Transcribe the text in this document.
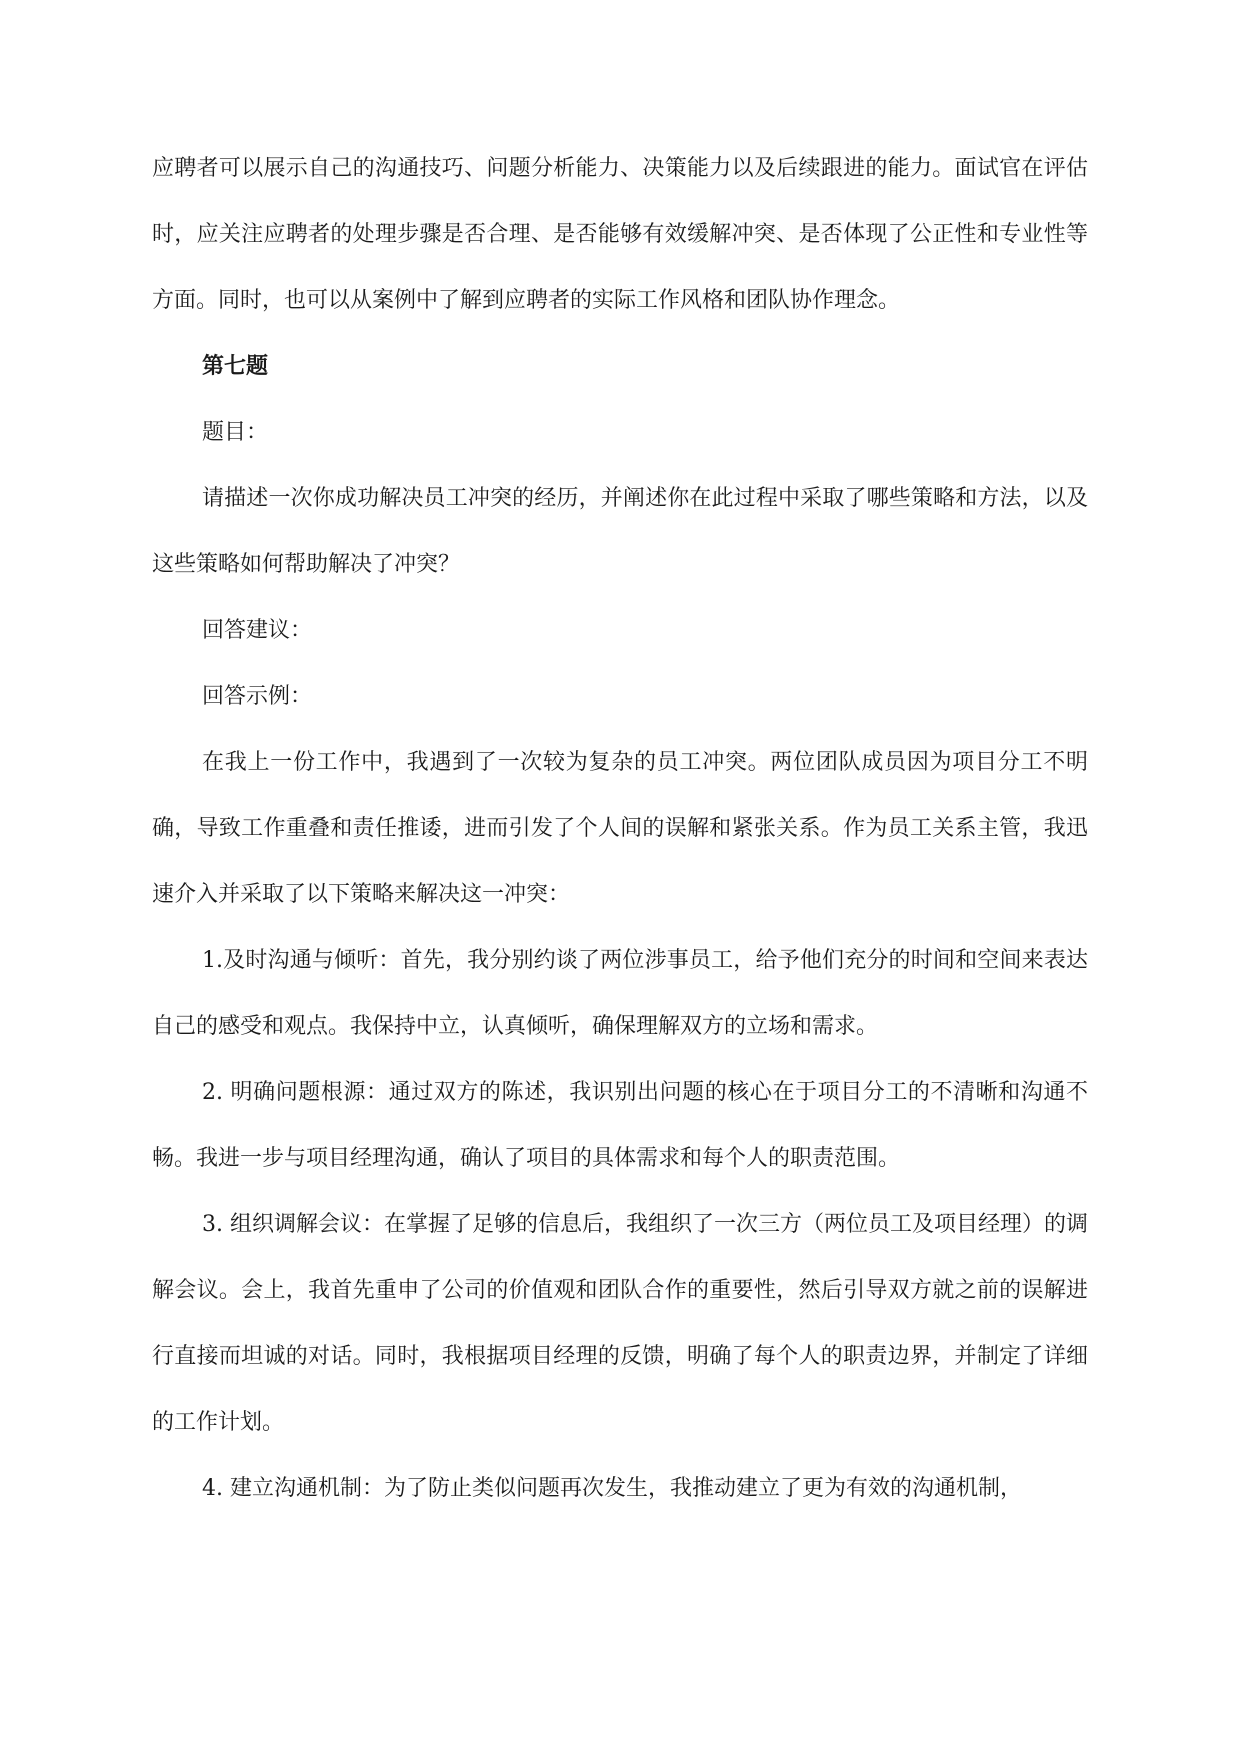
应聘者可以展示自己的沟通技巧、问题分析能力、决策能力以及后续跟进的能力。面试官在评估时，应关注应聘者的处理步骤是否合理、是否能够有效缓解冲突、是否体现了公正性和专业性等方面。同时，也可以从案例中了解到应聘者的实际工作风格和团队协作理念。

第七题

题目：

请描述一次你成功解决员工冲突的经历，并阐述你在此过程中采取了哪些策略和方法，以及这些策略如何帮助解决了冲突？

回答建议：

回答示例：

在我上一份工作中，我遇到了一次较为复杂的员工冲突。两位团队成员因为项目分工不明确，导致工作重叠和责任推诿，进而引发了个人间的误解和紧张关系。作为员工关系主管，我迅速介入并采取了以下策略来解决这一冲突：

1.及时沟通与倾听：首先，我分别约谈了两位涉事员工，给予他们充分的时间和空间来表达自己的感受和观点。我保持中立，认真倾听，确保理解双方的立场和需求。

2. 明确问题根源：通过双方的陈述，我识别出问题的核心在于项目分工的不清晰和沟通不畅。我进一步与项目经理沟通，确认了项目的具体需求和每个人的职责范围。

3. 组织调解会议：在掌握了足够的信息后，我组织了一次三方（两位员工及项目经理）的调解会议。会上，我首先重申了公司的价值观和团队合作的重要性，然后引导双方就之前的误解进行直接而坦诚的对话。同时，我根据项目经理的反馈，明确了每个人的职责边界，并制定了详细的工作计划。

4. 建立沟通机制：为了防止类似问题再次发生，我推动建立了更为有效的沟通机制，
